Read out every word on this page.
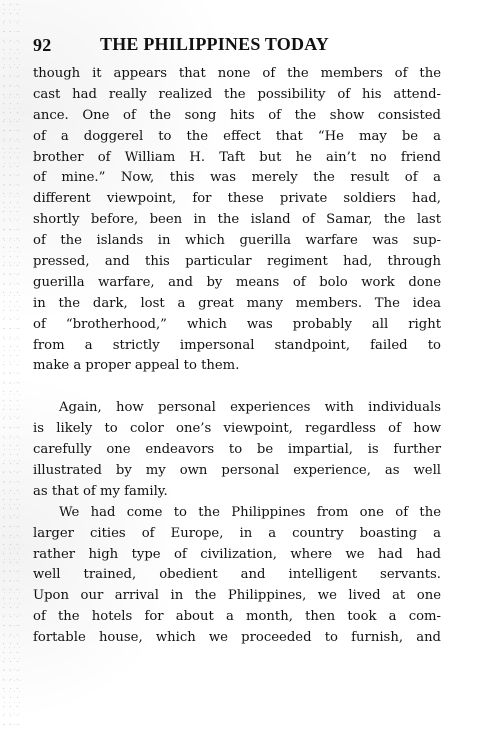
92	THE PHILIPPINES TODAY
though it appears that none of the members of the
cast had really realized the possibility of his attend-
ance. One of the song hits of the show consisted
of a doggerel to the effect that “He may be a
brother of William H. Taft but he ain’t no friend
of mine.” Now, this was merely the result of a
different viewpoint, for these private soldiers had,
shortly before, been in the island of Samar, the last
of the islands in which guerilla warfare was sup-
pressed, and this particular regiment had, through
guerilla warfare, and by means of bolo work done
in the dark, lost a great many members. The idea
of “brotherhood,” which was probably all right
from a strictly impersonal standpoint, failed to
make a proper appeal to them.
Again, how personal experiences with individuals
is likely to color one’s viewpoint, regardless of how
carefully one endeavors to be impartial, is further
illustrated by my own personal experience, as well
as that of my family.
We had come to the Philippines from one of the
larger cities of Europe, in a country boasting a
rather high type of civilization, where we had had
well trained, obedient and intelligent servants.
Upon our arrival in the Philippines, we lived at one
of the hotels for about a month, then took a com-
fortable house, which we proceeded to furnish, and
